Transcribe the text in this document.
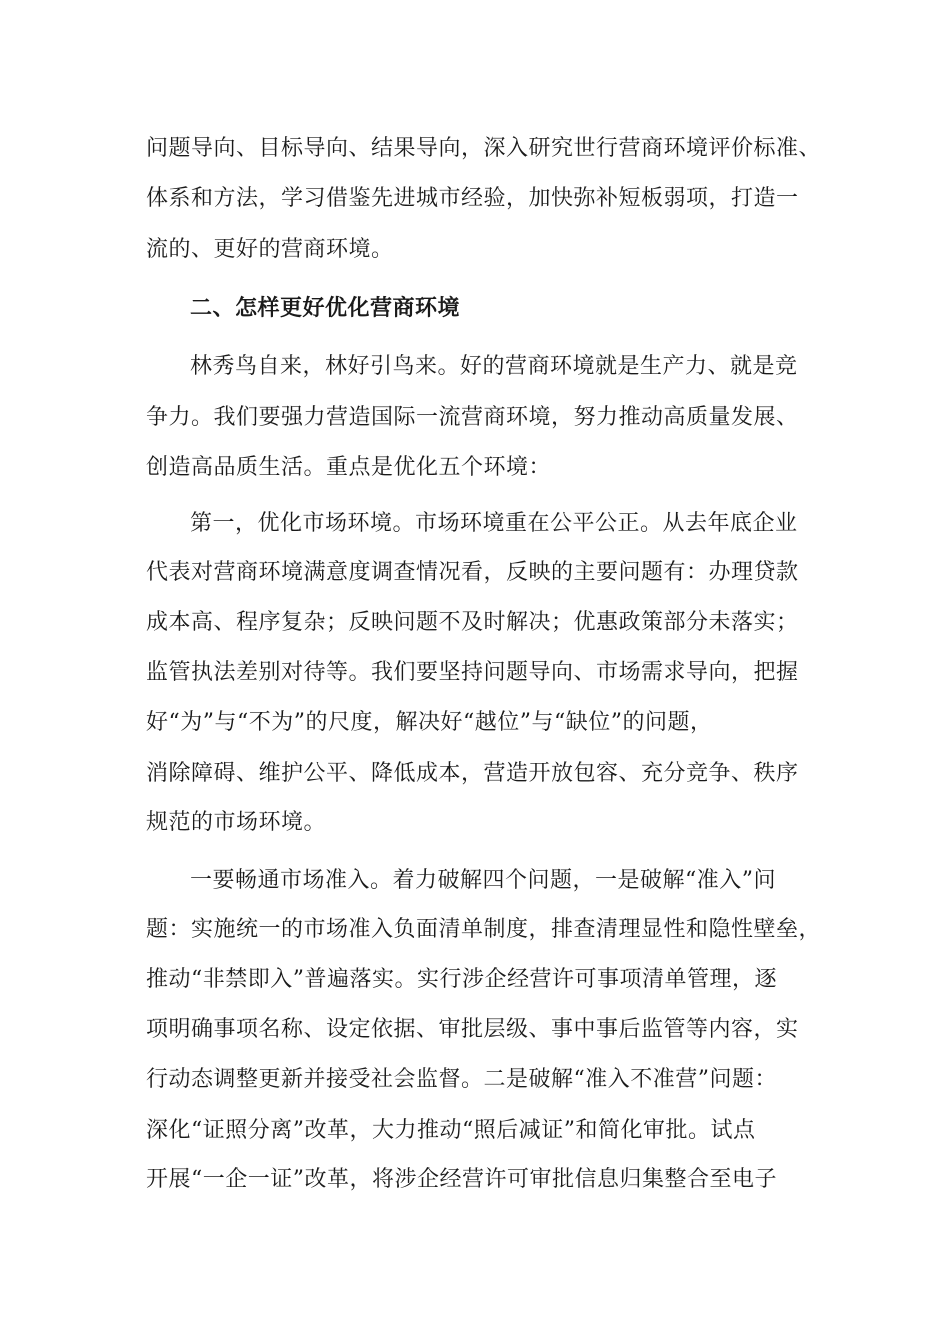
问题导向、目标导向、结果导向，深入研究世行营商环境评价标准、
体系和方法，学习借鉴先进城市经验，加快弥补短板弱项，打造一
流的、更好的营商环境。
二、怎样更好优化营商环境
林秀鸟自来，林好引鸟来。好的营商环境就是生产力、就是竞
争力。我们要强力营造国际一流营商环境，努力推动高质量发展、
创造高品质生活。重点是优化五个环境：
第一，优化市场环境。市场环境重在公平公正。从去年底企业
代表对营商环境满意度调查情况看，反映的主要问题有：办理贷款
成本高、程序复杂；反映问题不及时解决；优惠政策部分未落实；
监管执法差别对待等。我们要坚持问题导向、市场需求导向，把握
好“为”与“不为”的尺度，解决好“越位”与“缺位”的问题，
消除障碍、维护公平、降低成本，营造开放包容、充分竞争、秩序
规范的市场环境。
一要畅通市场准入。着力破解四个问题，一是破解“准入”问
题：实施统一的市场准入负面清单制度，排查清理显性和隐性壁垒，
推动“非禁即入”普遍落实。实行涉企经营许可事项清单管理，逐
项明确事项名称、设定依据、审批层级、事中事后监管等内容，实
行动态调整更新并接受社会监督。二是破解“准入不准营”问题：
深化“证照分离”改革，大力推动“照后减证”和简化审批。试点
开展“一企一证”改革，将涉企经营许可审批信息归集整合至电子
